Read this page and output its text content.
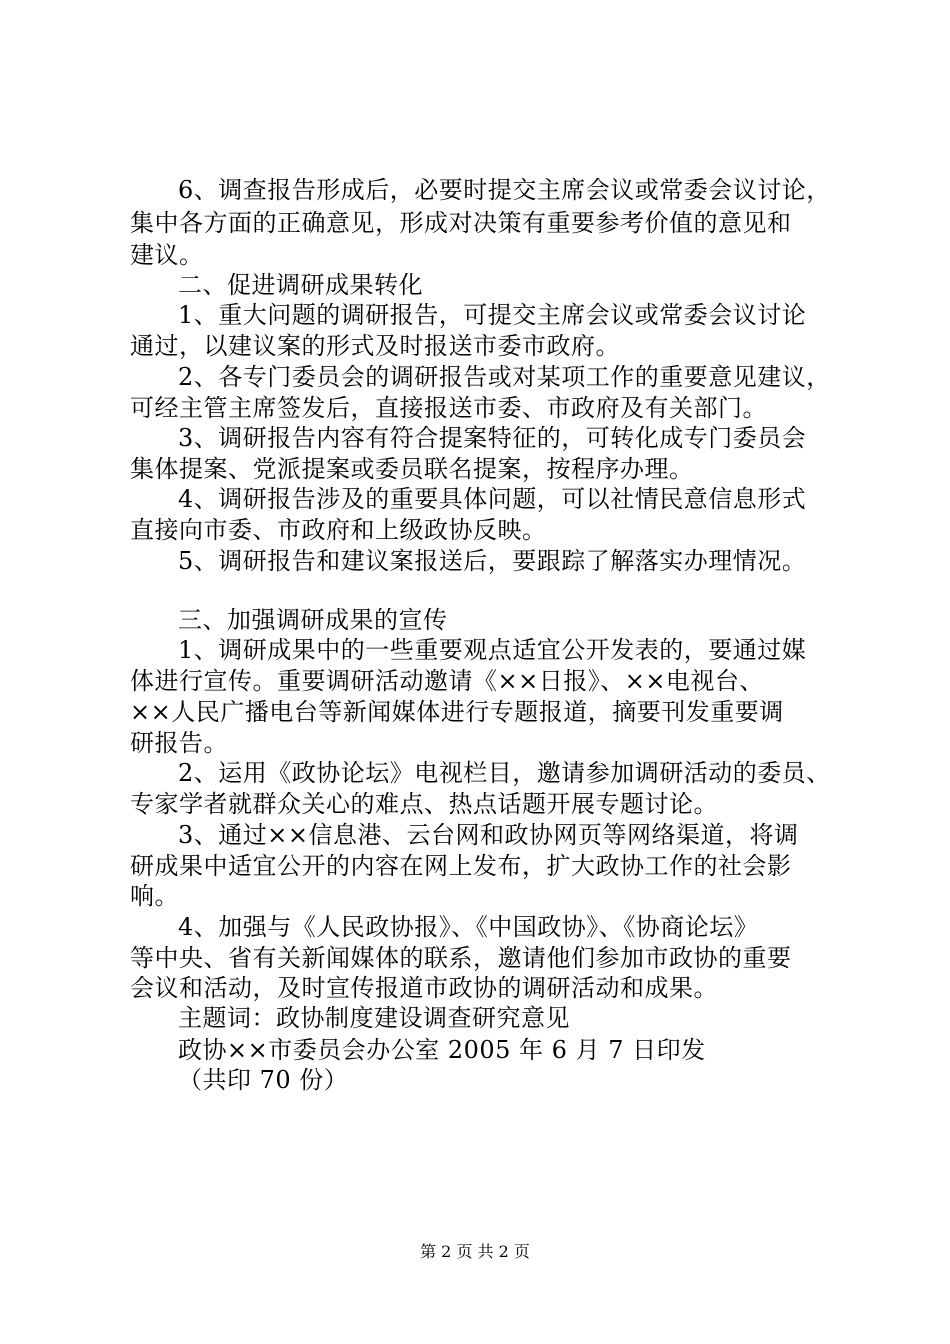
6、调查报告形成后，必要时提交主席会议或常委会议讨论，
集中各方面的正确意见，形成对决策有重要参考价值的意见和
建议。
二、促进调研成果转化
1、重大问题的调研报告，可提交主席会议或常委会议讨论
通过，以建议案的形式及时报送市委市政府。
2、各专门委员会的调研报告或对某项工作的重要意见建议，
可经主管主席签发后，直接报送市委、市政府及有关部门。
3、调研报告内容有符合提案特征的，可转化成专门委员会
集体提案、党派提案或委员联名提案，按程序办理。
4、调研报告涉及的重要具体问题，可以社情民意信息形式
直接向市委、市政府和上级政协反映。
5、调研报告和建议案报送后，要跟踪了解落实办理情况。
三、加强调研成果的宣传
1、调研成果中的一些重要观点适宜公开发表的，要通过媒
体进行宣传。重要调研活动邀请《××日报》、××电视台、
××人民广播电台等新闻媒体进行专题报道，摘要刊发重要调
研报告。
2、运用《政协论坛》电视栏目，邀请参加调研活动的委员、
专家学者就群众关心的难点、热点话题开展专题讨论。
3、通过××信息港、云台网和政协网页等网络渠道，将调
研成果中适宜公开的内容在网上发布，扩大政协工作的社会影
响。
4、加强与《人民政协报》、《中国政协》、《协商论坛》
等中央、省有关新闻媒体的联系，邀请他们参加市政协的重要
会议和活动，及时宣传报道市政协的调研活动和成果。
主题词：政协制度建设调查研究意见
政协××市委员会办公室 2005 年 6 月 7 日印发
（共印 70 份）
第 2 页 共 2 页
